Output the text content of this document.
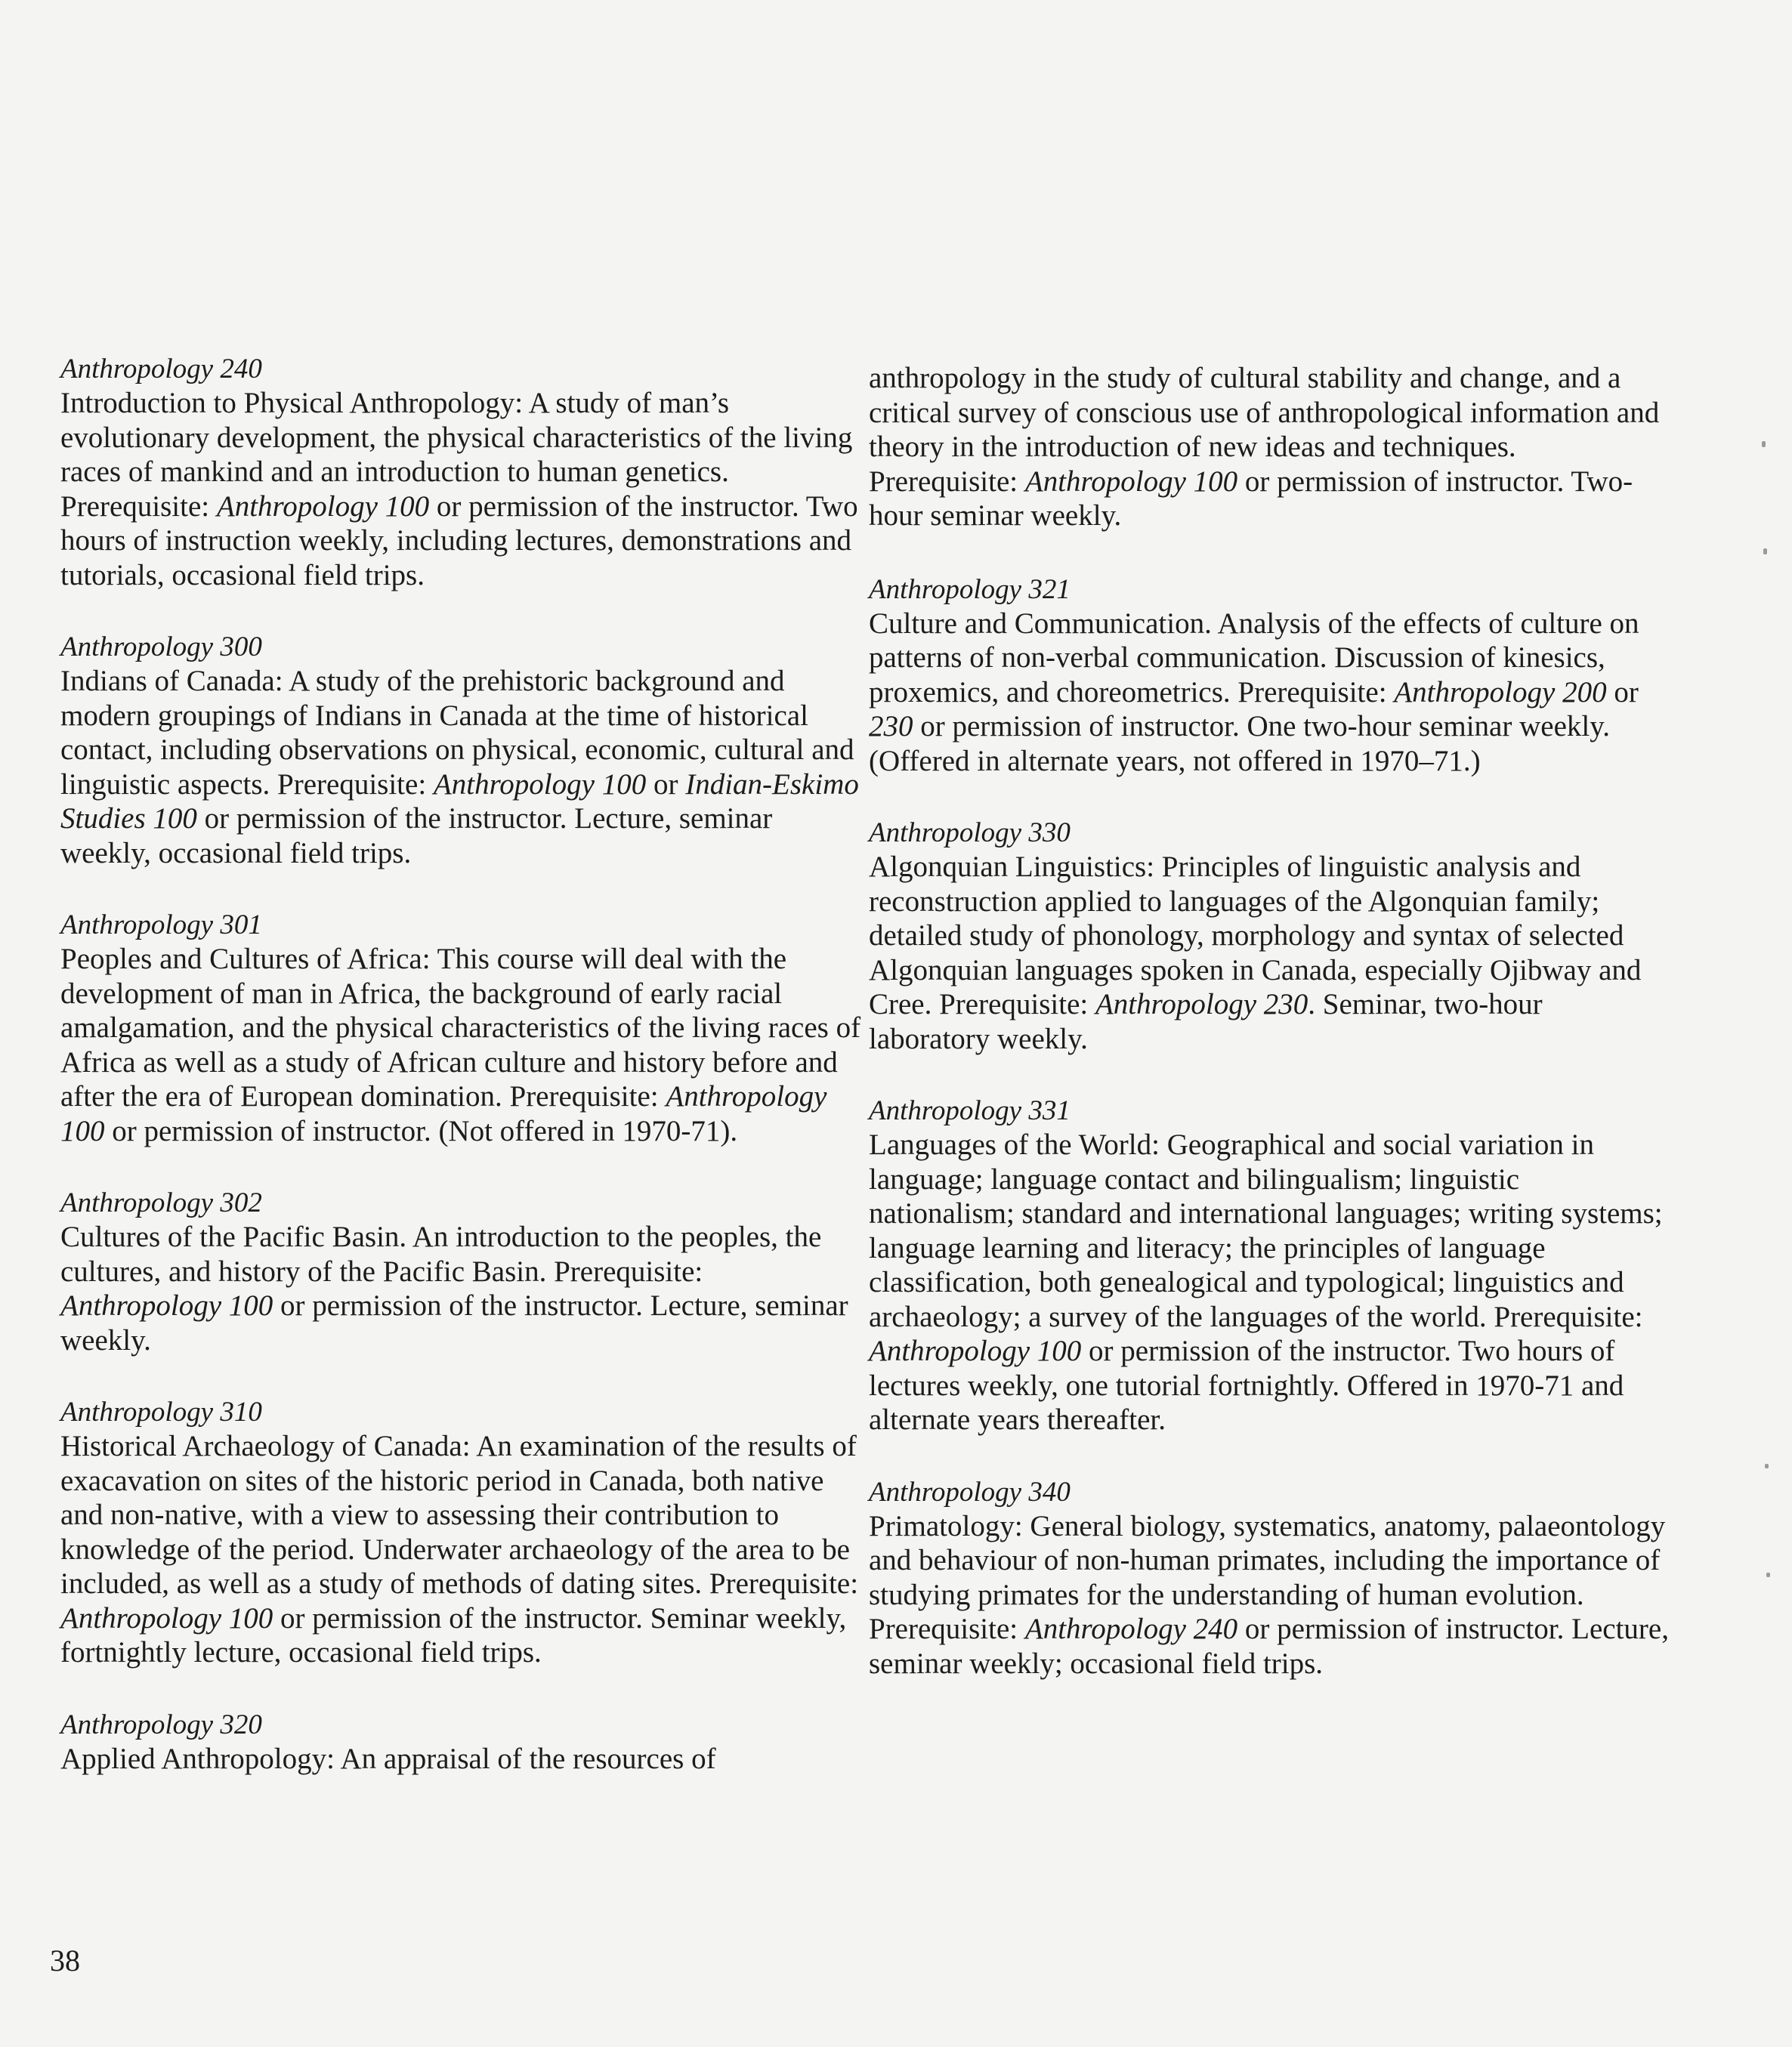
Anthropology 240

Introduction to Physical Anthropology: A study of man’s evolutionary development, the physical characteristics of the living races of mankind and an introduction to human genetics. Prerequisite: Anthropology 100 or permission of the instructor. Two hours of instruction weekly, including lectures, demonstrations and tutorials, occasional field trips.

Anthropology 300

Indians of Canada: A study of the prehistoric background and modern groupings of Indians in Canada at the time of historical contact, including observations on physical, economic, cultural and linguistic aspects. Prerequisite: Anthropology 100 or Indian-Eskimo Studies 100 or permission of the instructor. Lecture, seminar weekly, occasional field trips.

Anthropology 301

Peoples and Cultures of Africa: This course will deal with the development of man in Africa, the background of early racial amalgamation, and the physical characteristics of the living races of Africa as well as a study of African culture and history before and after the era of European domination. Prerequisite: Anthropology 100 or permission of instructor. (Not offered in 1970-71).

Anthropology 302

Cultures of the Pacific Basin. An introduction to the peoples, the cultures, and history of the Pacific Basin. Prerequisite: Anthropology 100 or permission of the instructor. Lecture, seminar weekly.

Anthropology 310

Historical Archaeology of Canada: An examination of the results of exacavation on sites of the historic period in Canada, both native and non-native, with a view to assessing their contribution to knowledge of the period. Underwater archaeology of the area to be included, as well as a study of methods of dating sites. Prerequisite: Anthropology 100 or permission of the instructor. Seminar weekly, fortnightly lecture, occasional field trips.

Anthropology 320

Applied Anthropology: An appraisal of the resources of

anthropology in the study of cultural stability and change, and a critical survey of conscious use of anthropological information and theory in the introduction of new ideas and techniques. Prerequisite: Anthropology 100 or permission of instructor. Two-hour seminar weekly.

Anthropology 321

Culture and Communication. Analysis of the effects of culture on patterns of non-verbal communication. Discussion of kinesics, proxemics, and choreometrics. Prerequisite: Anthropology 200 or 230 or permission of instructor. One two-hour seminar weekly. (Offered in alternate years, not offered in 1970–71.)

Anthropology 330

Algonquian Linguistics: Principles of linguistic analysis and reconstruction applied to languages of the Algonquian family; detailed study of phonology, morphology and syntax of selected Algonquian languages spoken in Canada, especially Ojibway and Cree. Prerequisite: Anthropology 230. Seminar, two-hour laboratory weekly.

Anthropology 331

Languages of the World: Geographical and social variation in language; language contact and bilingualism; linguistic nationalism; standard and international languages; writing systems; language learning and literacy; the principles of language classification, both genealogical and typological; linguistics and archaeology; a survey of the languages of the world. Prerequisite: Anthropology 100 or permission of the instructor. Two hours of lectures weekly, one tutorial fortnightly. Offered in 1970-71 and alternate years thereafter.

Anthropology 340

Primatology: General biology, systematics, anatomy, palaeontology and behaviour of non-human primates, including the importance of studying primates for the understanding of human evolution. Prerequisite: Anthropology 240 or permission of instructor. Lecture, seminar weekly; occasional field trips.

38
